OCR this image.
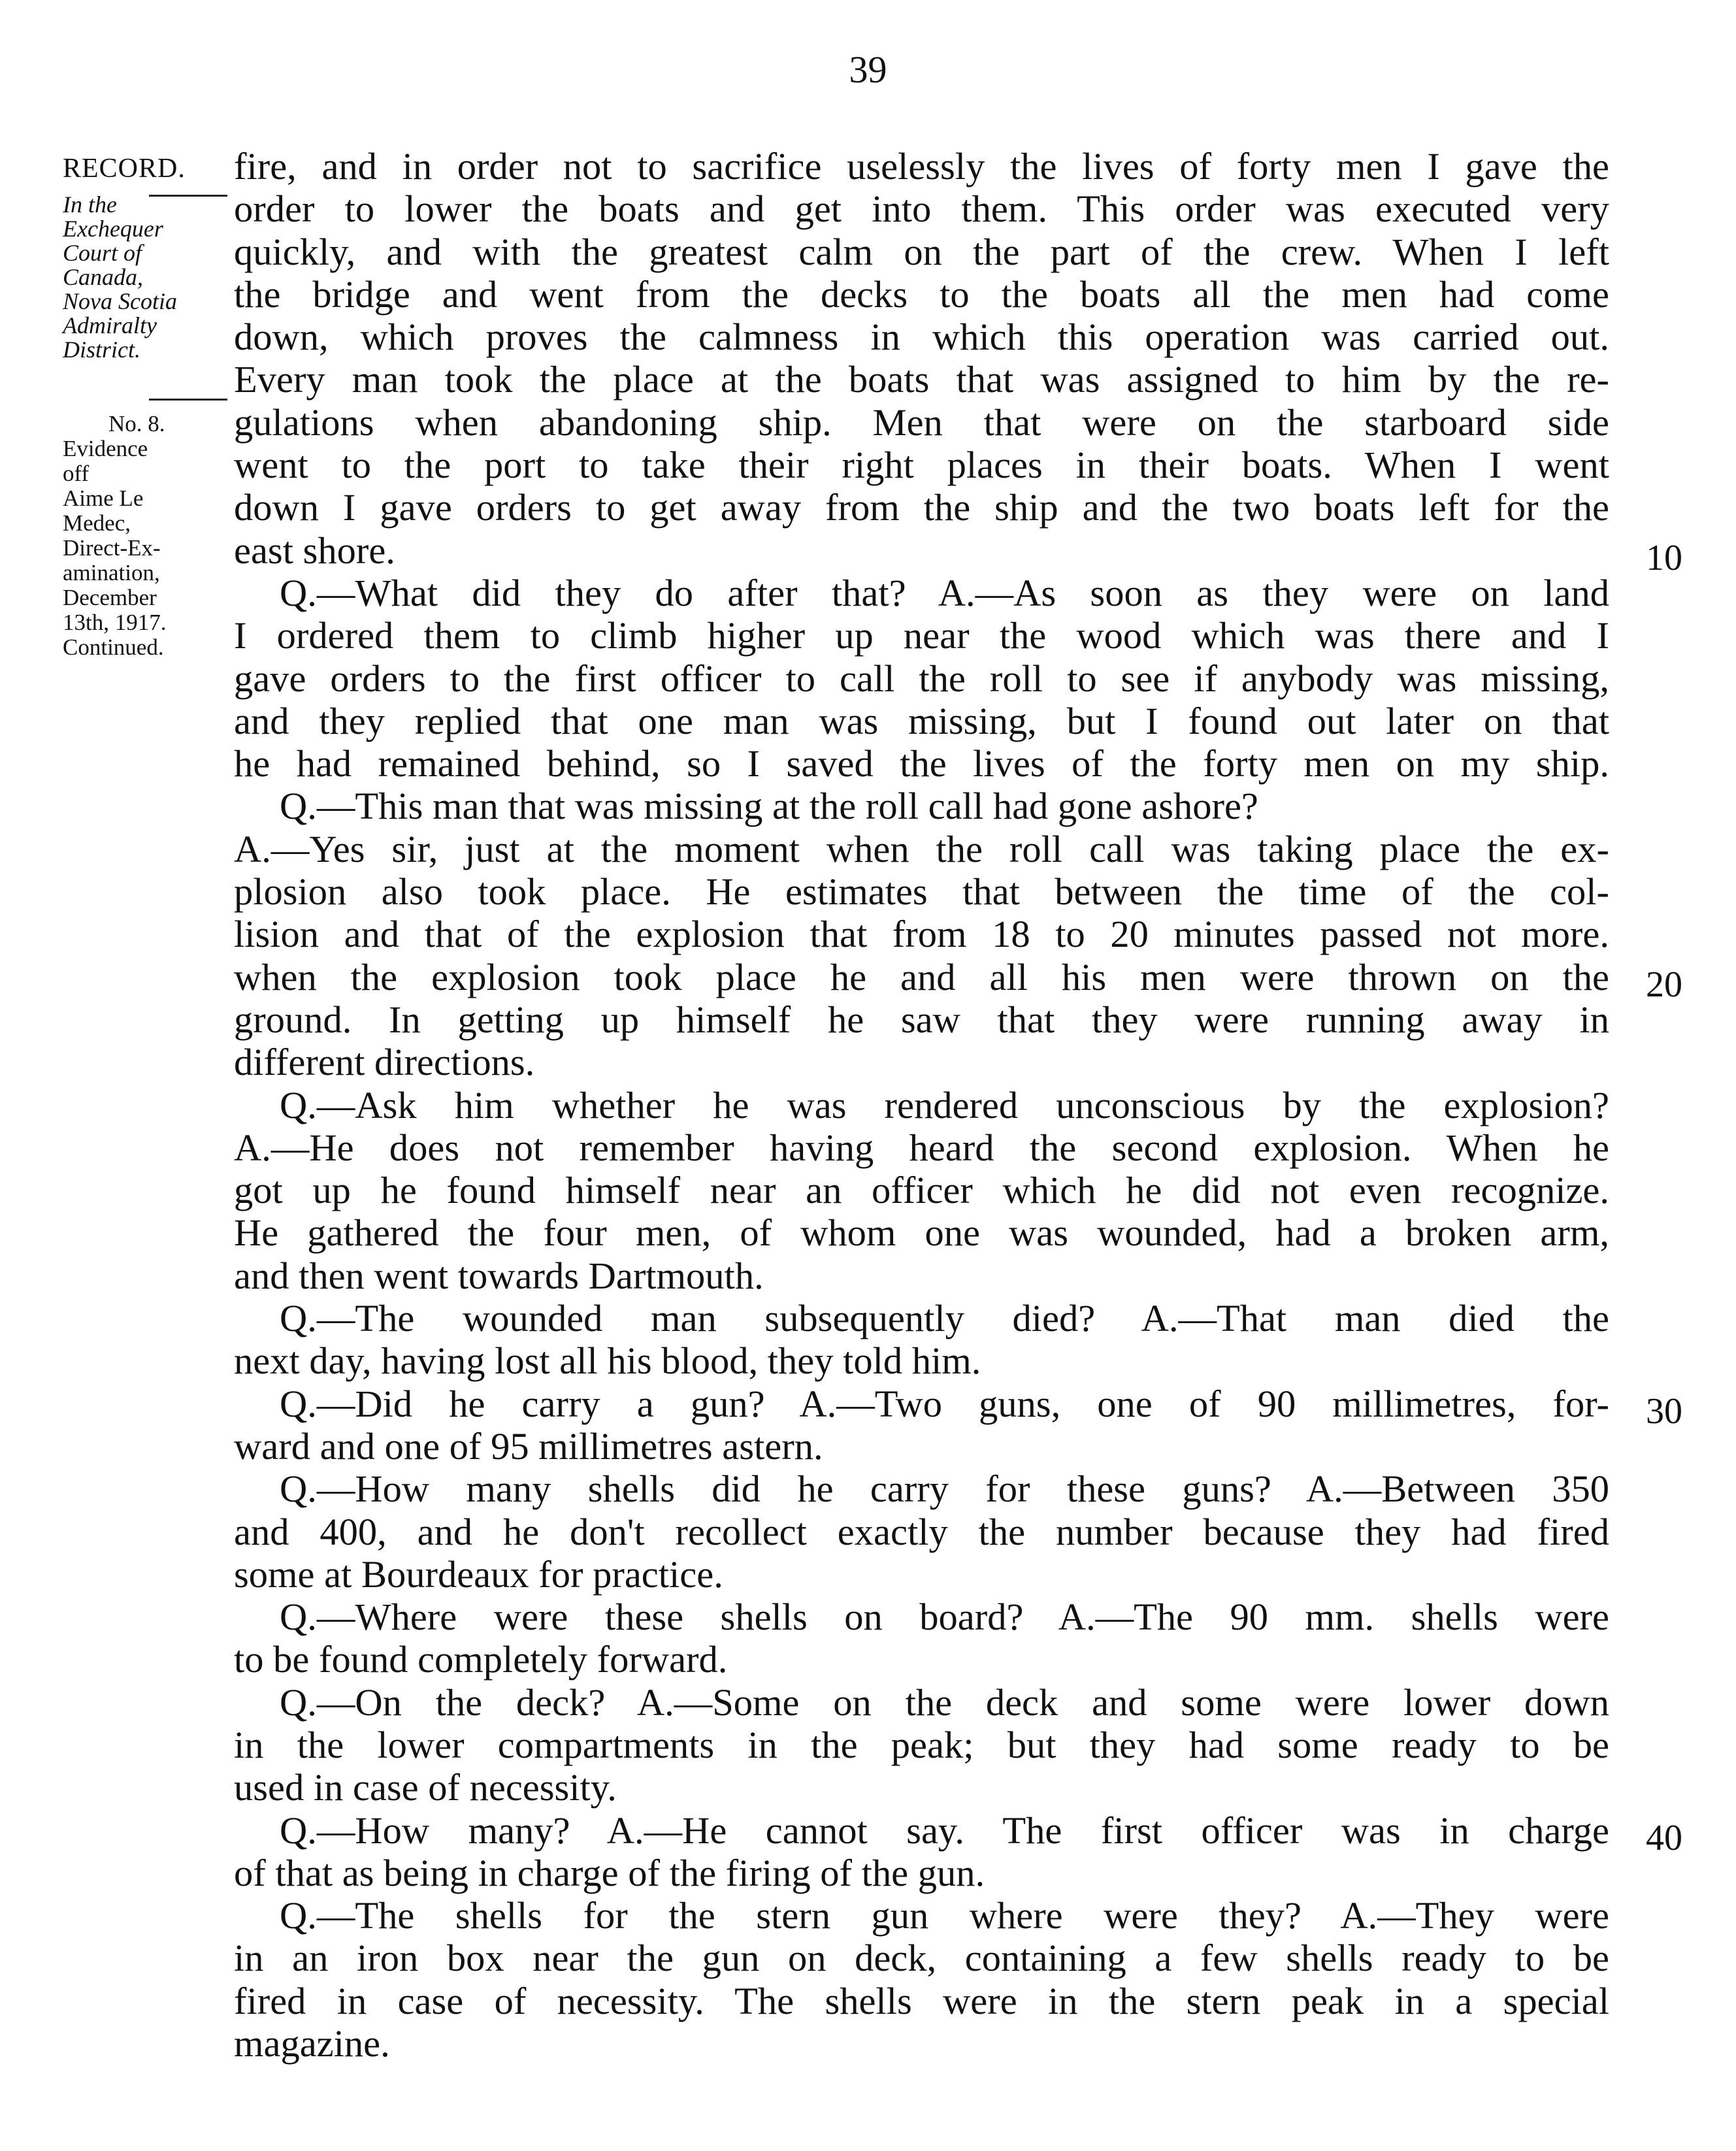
39
RECORD.
In the
Exchequer
Court of
Canada,
Nova Scotia
Admiralty
District.
No. 8.
Evidence
off
Aime Le
Medec,
Direct-Ex-
amination,
December
13th, 1917.
Continued.
fire, and in order not to sacrifice uselessly the lives of forty men I gave the
order to lower the boats and get into them. This order was executed very
quickly, and with the greatest calm on the part of the crew. When I left
the bridge and went from the decks to the boats all the men had come
down, which proves the calmness in which this operation was carried out.
Every man took the place at the boats that was assigned to him by the re-
gulations when abandoning ship. Men that were on the starboard side
went to the port to take their right places in their boats. When I went
down I gave orders to get away from the ship and the two boats left for the
east shore.
Q.—What did they do after that? A.—As soon as they were on land
I ordered them to climb higher up near the wood which was there and I
gave orders to the first officer to call the roll to see if anybody was missing,
and they replied that one man was missing, but I found out later on that
he had remained behind, so I saved the lives of the forty men on my ship.
Q.—This man that was missing at the roll call had gone ashore?
A.—Yes sir, just at the moment when the roll call was taking place the ex-
plosion also took place. He estimates that between the time of the col-
lision and that of the explosion that from 18 to 20 minutes passed not more.
when the explosion took place he and all his men were thrown on the
ground. In getting up himself he saw that they were running away in
different directions.
Q.—Ask him whether he was rendered unconscious by the explosion?
A.—He does not remember having heard the second explosion. When he
got up he found himself near an officer which he did not even recognize.
He gathered the four men, of whom one was wounded, had a broken arm,
and then went towards Dartmouth.
Q.—The wounded man subsequently died? A.—That man died the
next day, having lost all his blood, they told him.
Q.—Did he carry a gun? A.—Two guns, one of 90 millimetres, for-
ward and one of 95 millimetres astern.
Q.—How many shells did he carry for these guns? A.—Between 350
and 400, and he don't recollect exactly the number because they had fired
some at Bourdeaux for practice.
Q.—Where were these shells on board? A.—The 90 mm. shells were
to be found completely forward.
Q.—On the deck? A.—Some on the deck and some were lower down
in the lower compartments in the peak; but they had some ready to be
used in case of necessity.
Q.—How many? A.—He cannot say. The first officer was in charge
of that as being in charge of the firing of the gun.
Q.—The shells for the stern gun where were they? A.—They were
in an iron box near the gun on deck, containing a few shells ready to be
fired in case of necessity. The shells were in the stern peak in a special
magazine.
10
20
30
40
